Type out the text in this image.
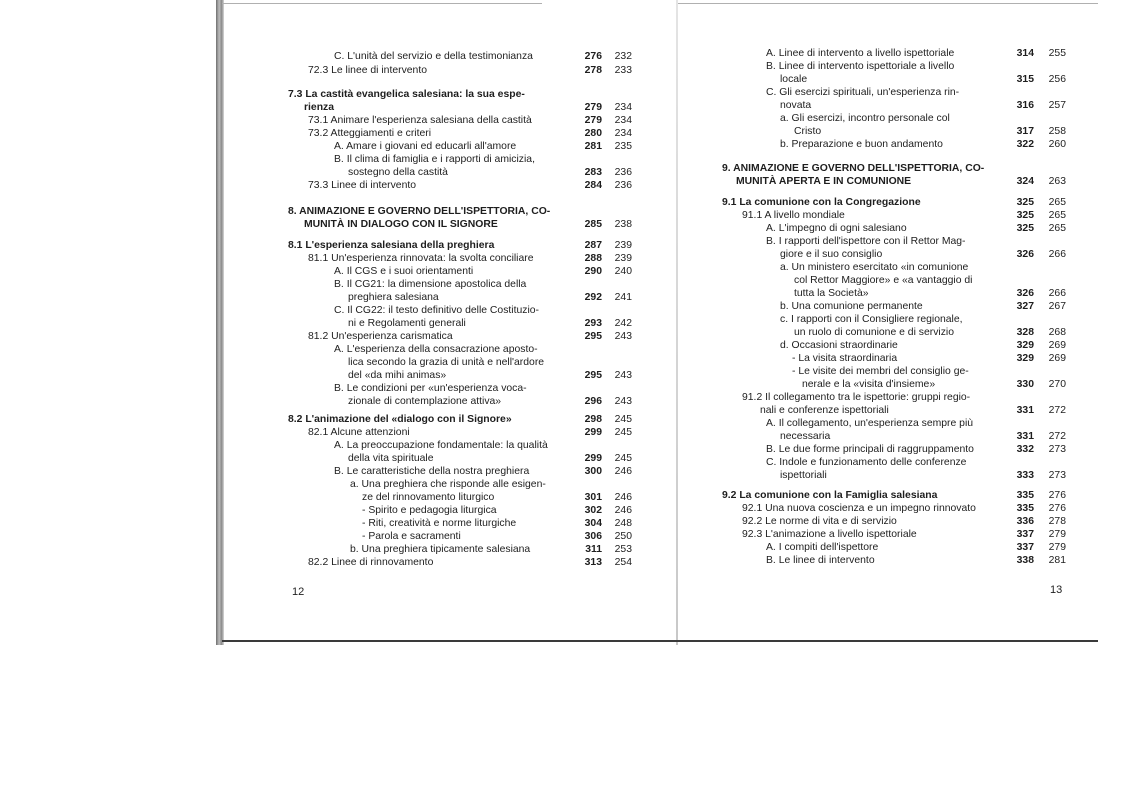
C. L'unità del servizio e della testimonianza	276	232
72.3 Le linee di intervento	278	233
7.3 La castità evangelica salesiana: la sua espe-
rienza	279	234
73.1 Animare l'esperienza salesiana della castità	279	234
73.2 Atteggiamenti e criteri	280	234
A. Amare i giovani ed educarli all'amore	281	235
B. Il clima di famiglia e i rapporti di amicizia,
sostegno della castità	283	236
73.3 Linee di intervento	284	236
8. ANIMAZIONE E GOVERNO DELL'ISPETTORIA, CO-
MUNITÀ IN DIALOGO CON IL SIGNORE	285	238
8.1 L'esperienza salesiana della preghiera	287	239
81.1 Un'esperienza rinnovata: la svolta conciliare	288	239
A. Il CGS e i suoi orientamenti	290	240
B. Il CG21: la dimensione apostolica della
preghiera salesiana	292	241
C. Il CG22: il testo definitivo delle Costituzio-
ni e Regolamenti generali	293	242
81.2 Un'esperienza carismatica	295	243
A. L'esperienza della consacrazione aposto-
lica secondo la grazia di unità e nell'ardore
del «da mihi animas»	295	243
B. Le condizioni per «un'esperienza voca-
zionale di contemplazione attiva»	296	243
8.2 L'animazione del «dialogo con il Signore»	298	245
82.1 Alcune attenzioni	299	245
A. La preoccupazione fondamentale: la qualità
della vita spirituale	299	245
B. Le caratteristiche della nostra preghiera	300	246
a. Una preghiera che risponde alle esigen-
ze del rinnovamento liturgico	301	246
- Spirito e pedagogia liturgica	302	246
- Riti, creatività e norme liturgiche	304	248
- Parola e sacramenti	306	250
b. Una preghiera tipicamente salesiana	311	253
82.2 Linee di rinnovamento	313	254
12
A. Linee di intervento a livello ispettoriale	314	255
B. Linee di intervento ispettoriale a livello
locale	315	256
C. Gli esercizi spirituali, un'esperienza rin-
novata	316	257
a. Gli esercizi, incontro personale col
Cristo	317	258
b. Preparazione e buon andamento	322	260
9. ANIMAZIONE E GOVERNO DELL'ISPETTORIA, CO-
MUNITÀ APERTA E IN COMUNIONE	324	263
9.1 La comunione con la Congregazione	325	265
91.1 A livello mondiale	325	265
A. L'impegno di ogni salesiano	325	265
B. I rapporti dell'ispettore con il Rettor Mag-
giore e il suo consiglio	326	266
a. Un ministero esercitato «in comunione
col Rettor Maggiore» e «a vantaggio di
tutta la Società»	326	266
b. Una comunione permanente	327	267
c. I rapporti con il Consigliere regionale,
un ruolo di comunione e di servizio	328	268
d. Occasioni straordinarie	329	269
- La visita straordinaria	329	269
- Le visite dei membri del consiglio ge-
nerale e la «visita d'insieme»	330	270
91.2 Il collegamento tra le ispettorie: gruppi regio-
nali e conferenze ispettoriali	331	272
A. Il collegamento, un'esperienza sempre più
necessaria	331	272
B. Le due forme principali di raggruppamento	332	273
C. Indole e funzionamento delle conferenze
ispettoriali	333	273
9.2 La comunione con la Famiglia salesiana	335	276
92.1 Una nuova coscienza e un impegno rinnovato	335	276
92.2 Le norme di vita e di servizio	336	278
92.3 L'animazione a livello ispettoriale	337	279
A. I compiti dell'ispettore	337	279
B. Le linee di intervento	338	281
13
